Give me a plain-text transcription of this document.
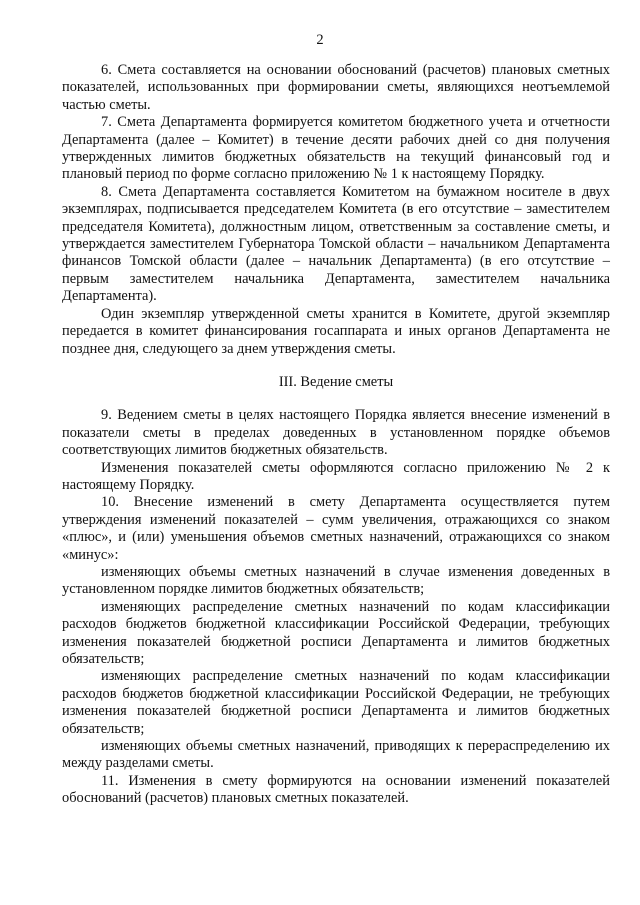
2

6. Смета составляется на основании обоснований (расчетов) плановых сметных показателей, использованных при формировании сметы, являющихся неотъемлемой частью сметы.

7. Смета Департамента формируется комитетом бюджетного учета и отчетности Департамента (далее – Комитет) в течение десяти рабочих дней со дня получения утвержденных лимитов бюджетных обязательств на текущий финансовый год и плановый период по форме согласно приложению № 1 к настоящему Порядку.

8. Смета Департамента составляется Комитетом на бумажном носителе в двух экземплярах, подписывается председателем Комитета (в его отсутствие – заместителем председателя Комитета), должностным лицом, ответственным за составление сметы, и утверждается заместителем Губернатора Томской области – начальником Департамента финансов Томской области (далее – начальник Департамента) (в его отсутствие – первым заместителем начальника Департамента, заместителем начальника Департамента).

Один экземпляр утвержденной сметы хранится в Комитете, другой экземпляр передается в комитет финансирования госаппарата и иных органов Департамента не позднее дня, следующего за днем утверждения сметы.

III. Ведение сметы

9. Ведением сметы в целях настоящего Порядка является внесение изменений в показатели сметы в пределах доведенных в установленном порядке объемов соответствующих лимитов бюджетных обязательств.

Изменения показателей сметы оформляются согласно приложению № 2 к настоящему Порядку.

10. Внесение изменений в смету Департамента осуществляется путем утверждения изменений показателей – сумм увеличения, отражающихся со знаком «плюс», и (или) уменьшения объемов сметных назначений, отражающихся со знаком «минус»:

изменяющих объемы сметных назначений в случае изменения доведенных в установленном порядке лимитов бюджетных обязательств;

изменяющих распределение сметных назначений по кодам классификации расходов бюджетов бюджетной классификации Российской Федерации, требующих изменения показателей бюджетной росписи Департамента и лимитов бюджетных обязательств;

изменяющих распределение сметных назначений по кодам классификации расходов бюджетов бюджетной классификации Российской Федерации, не требующих изменения показателей бюджетной росписи Департамента и лимитов бюджетных обязательств;

изменяющих объемы сметных назначений, приводящих к перераспределению их между разделами сметы.

11. Изменения в смету формируются на основании изменений показателей обоснований (расчетов) плановых сметных показателей.
